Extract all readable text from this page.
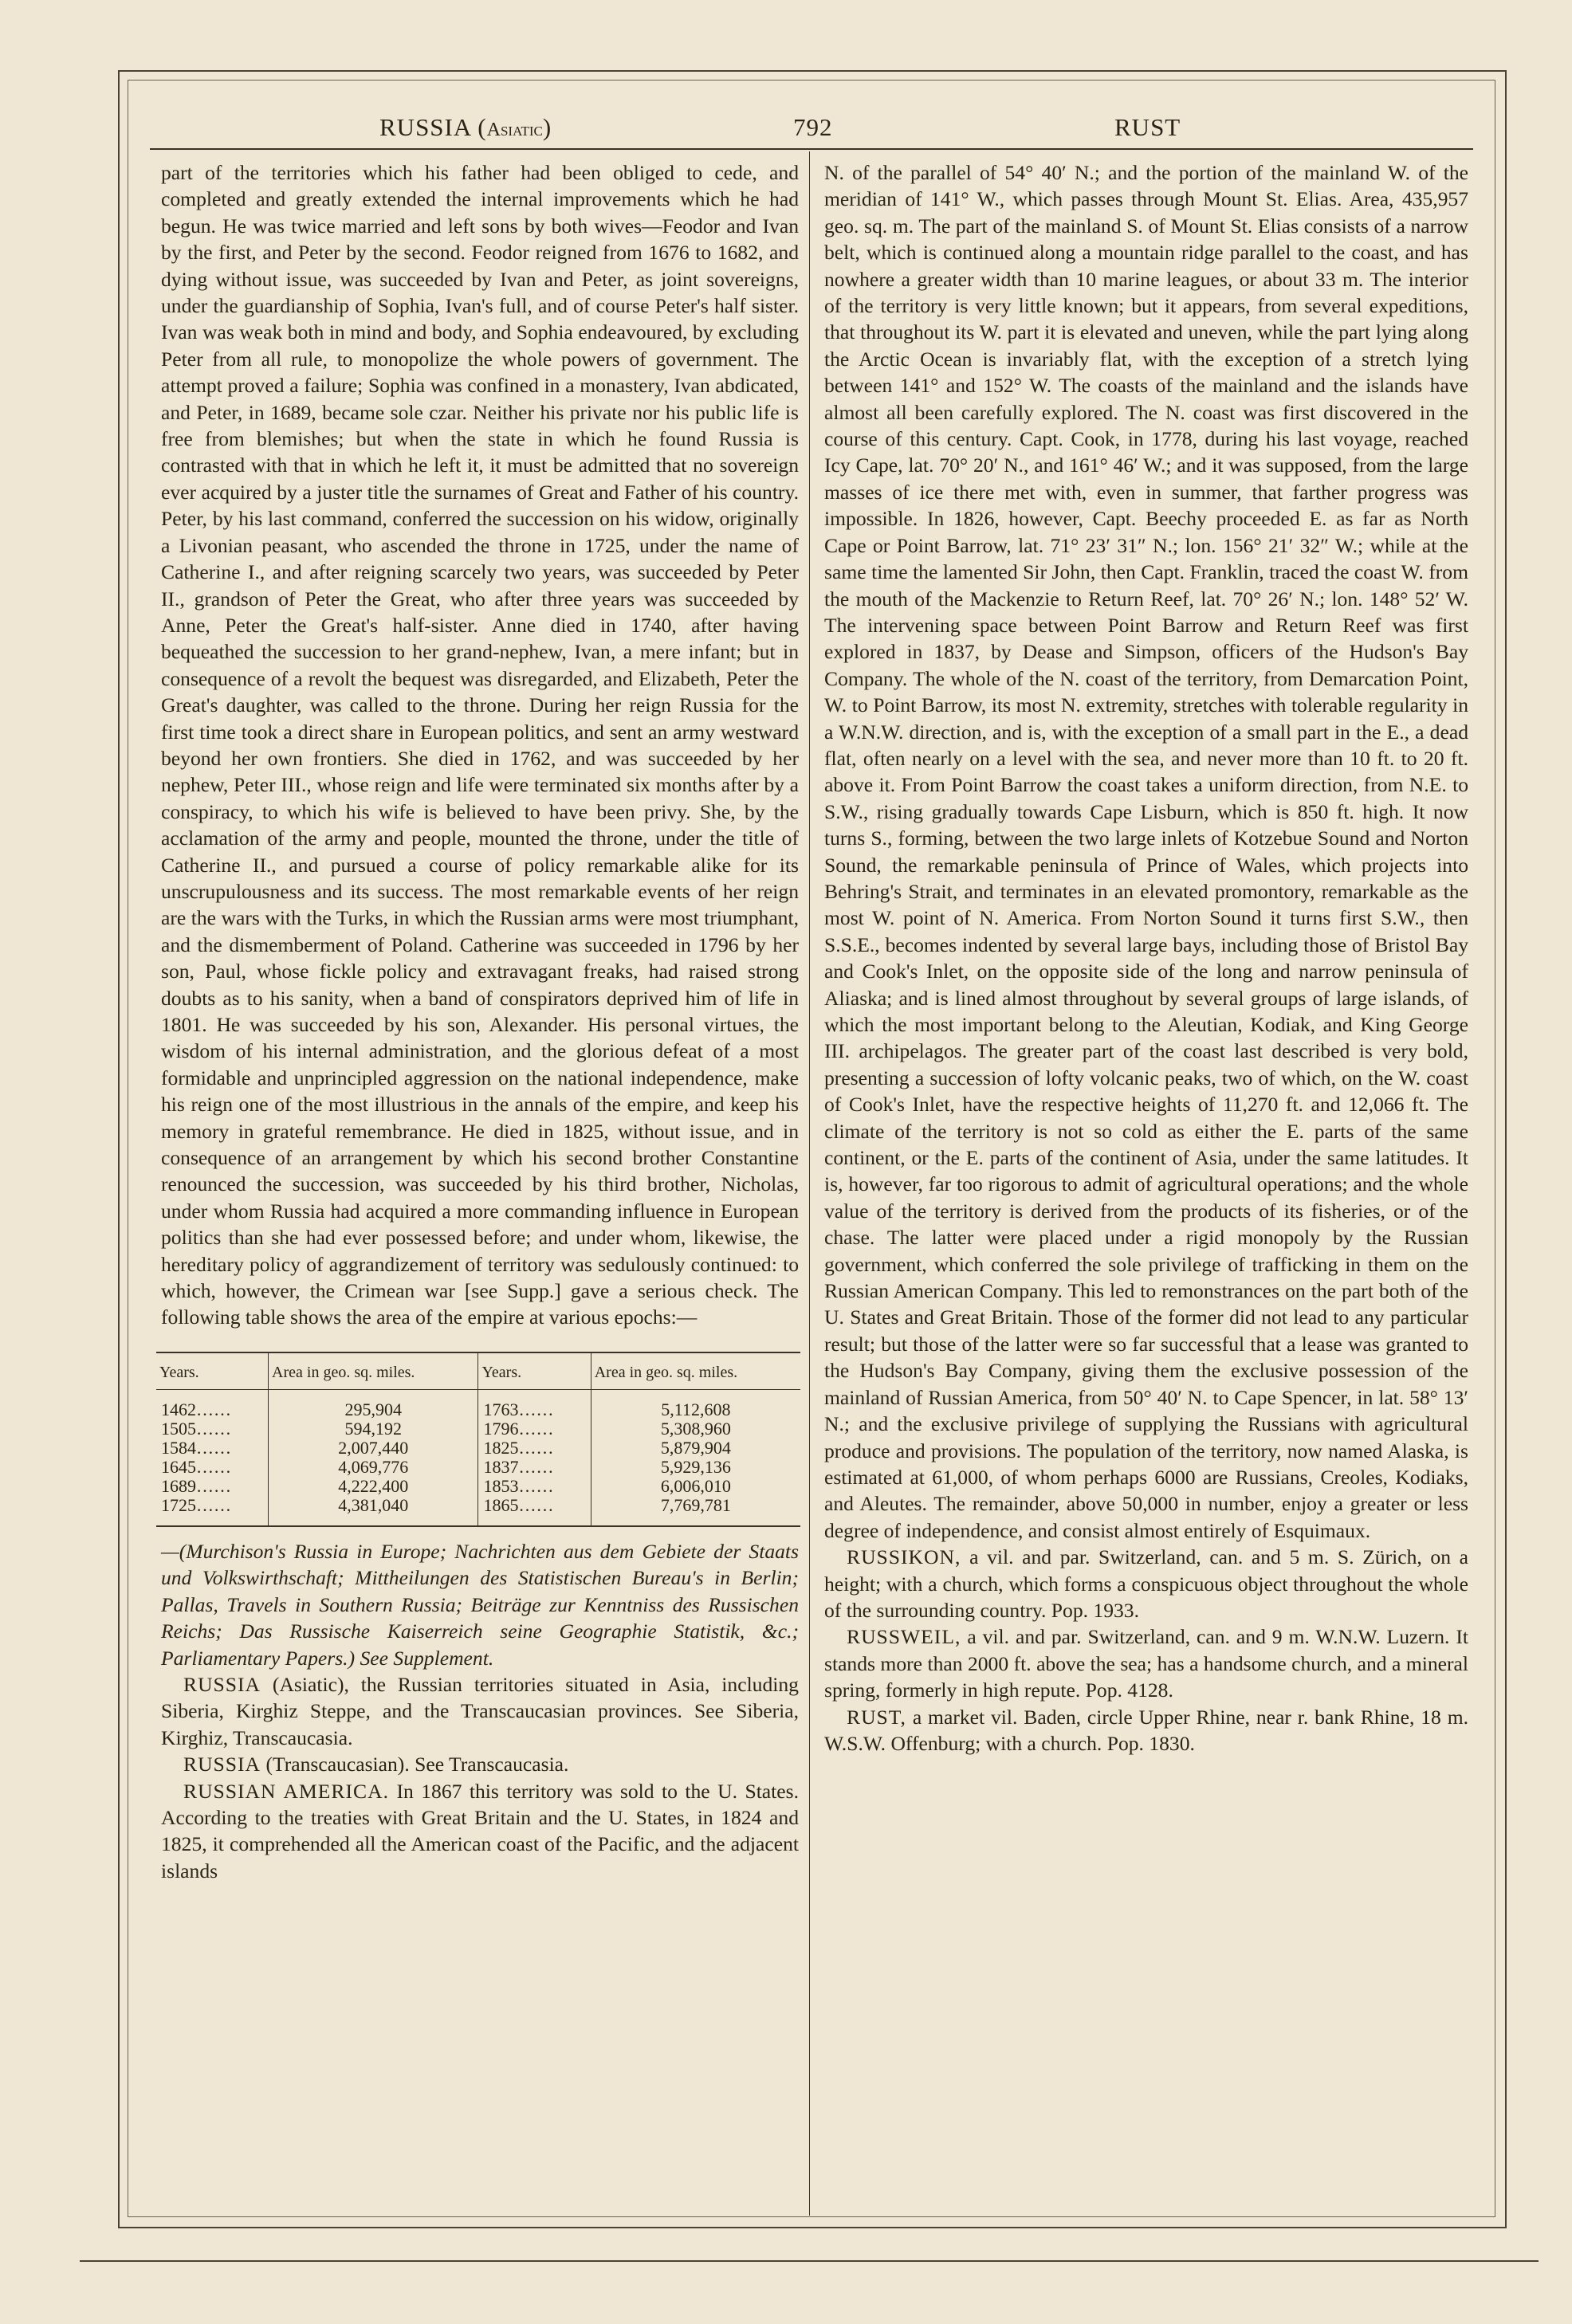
RUSSIA (Asiatic)	792	RUST

part of the territories which his father had been obliged to cede, and completed and greatly extended the internal improvements which he had begun. He was twice married and left sons by both wives—Feodor and Ivan by the first, and Peter by the second. Feodor reigned from 1676 to 1682, and dying without issue, was succeeded by Ivan and Peter, as joint sovereigns, under the guardianship of Sophia, Ivan's full, and of course Peter's half sister. Ivan was weak both in mind and body, and Sophia endeavoured, by excluding Peter from all rule, to monopolize the whole powers of government. The attempt proved a failure; Sophia was confined in a monastery, Ivan abdicated, and Peter, in 1689, became sole czar. Neither his private nor his public life is free from blemishes; but when the state in which he found Russia is contrasted with that in which he left it, it must be admitted that no sovereign ever acquired by a juster title the surnames of Great and Father of his country. Peter, by his last command, conferred the succession on his widow, originally a Livonian peasant, who ascended the throne in 1725, under the name of Catherine I., and after reigning scarcely two years, was succeeded by Peter II., grandson of Peter the Great, who after three years was succeeded by Anne, Peter the Great's half-sister. Anne died in 1740, after having bequeathed the succession to her grand-nephew, Ivan, a mere infant; but in consequence of a revolt the bequest was disregarded, and Elizabeth, Peter the Great's daughter, was called to the throne. During her reign Russia for the first time took a direct share in European politics, and sent an army westward beyond her own frontiers. She died in 1762, and was succeeded by her nephew, Peter III., whose reign and life were terminated six months after by a conspiracy, to which his wife is believed to have been privy. She, by the acclamation of the army and people, mounted the throne, under the title of Catherine II., and pursued a course of policy remarkable alike for its unscrupulousness and its success. The most remarkable events of her reign are the wars with the Turks, in which the Russian arms were most triumphant, and the dismemberment of Poland. Catherine was succeeded in 1796 by her son, Paul, whose fickle policy and extravagant freaks, had raised strong doubts as to his sanity, when a band of conspirators deprived him of life in 1801. He was succeeded by his son, Alexander. His personal virtues, the wisdom of his internal administration, and the glorious defeat of a most formidable and unprincipled aggression on the national independence, make his reign one of the most illustrious in the annals of the empire, and keep his memory in grateful remembrance. He died in 1825, without issue, and in consequence of an arrangement by which his second brother Constantine renounced the succession, was succeeded by his third brother, Nicholas, under whom Russia had acquired a more commanding influence in European politics than she had ever possessed before; and under whom, likewise, the hereditary policy of aggrandizement of territory was sedulously continued: to which, however, the Crimean war [see Supp.] gave a serious check. The following table shows the area of the empire at various epochs:—

Years.	Area in geo. sq. miles.	Years.	Area in geo. sq. miles.
1462……	295,904	1763……	5,112,608
1505……	594,192	1796……	5,308,960
1584……	2,007,440	1825……	5,879,904
1645……	4,069,776	1837……	5,929,136
1689……	4,222,400	1853……	6,006,010
1725……	4,381,040	1865……	7,769,781

—(Murchison's Russia in Europe; Nachrichten aus dem Gebiete der Staats und Volkswirthschaft; Mittheilungen des Statistischen Bureau's in Berlin; Pallas, Travels in Southern Russia; Beiträge zur Kenntniss des Russischen Reichs; Das Russische Kaiserreich seine Geographie Statistik, &c.; Parliamentary Papers.) See Supplement.

RUSSIA (Asiatic), the Russian territories situated in Asia, including Siberia, Kirghiz Steppe, and the Transcaucasian provinces. See Siberia, Kirghiz, Transcaucasia.

RUSSIA (Transcaucasian). See Transcaucasia.

RUSSIAN AMERICA. In 1867 this territory was sold to the U. States. According to the treaties with Great Britain and the U. States, in 1824 and 1825, it comprehended all the American coast of the Pacific, and the adjacent islands

N. of the parallel of 54° 40′ N.; and the portion of the mainland W. of the meridian of 141° W., which passes through Mount St. Elias. Area, 435,957 geo. sq. m. The part of the mainland S. of Mount St. Elias consists of a narrow belt, which is continued along a mountain ridge parallel to the coast, and has nowhere a greater width than 10 marine leagues, or about 33 m. The interior of the territory is very little known; but it appears, from several expeditions, that throughout its W. part it is elevated and uneven, while the part lying along the Arctic Ocean is invariably flat, with the exception of a stretch lying between 141° and 152° W. The coasts of the mainland and the islands have almost all been carefully explored. The N. coast was first discovered in the course of this century. Capt. Cook, in 1778, during his last voyage, reached Icy Cape, lat. 70° 20′ N., and 161° 46′ W.; and it was supposed, from the large masses of ice there met with, even in summer, that farther progress was impossible. In 1826, however, Capt. Beechy proceeded E. as far as North Cape or Point Barrow, lat. 71° 23′ 31″ N.; lon. 156° 21′ 32″ W.; while at the same time the lamented Sir John, then Capt. Franklin, traced the coast W. from the mouth of the Mackenzie to Return Reef, lat. 70° 26′ N.; lon. 148° 52′ W. The intervening space between Point Barrow and Return Reef was first explored in 1837, by Dease and Simpson, officers of the Hudson's Bay Company. The whole of the N. coast of the territory, from Demarcation Point, W. to Point Barrow, its most N. extremity, stretches with tolerable regularity in a W.N.W. direction, and is, with the exception of a small part in the E., a dead flat, often nearly on a level with the sea, and never more than 10 ft. to 20 ft. above it. From Point Barrow the coast takes a uniform direction, from N.E. to S.W., rising gradually towards Cape Lisburn, which is 850 ft. high. It now turns S., forming, between the two large inlets of Kotzebue Sound and Norton Sound, the remarkable peninsula of Prince of Wales, which projects into Behring's Strait, and terminates in an elevated promontory, remarkable as the most W. point of N. America. From Norton Sound it turns first S.W., then S.S.E., becomes indented by several large bays, including those of Bristol Bay and Cook's Inlet, on the opposite side of the long and narrow peninsula of Aliaska; and is lined almost throughout by several groups of large islands, of which the most important belong to the Aleutian, Kodiak, and King George III. archipelagos. The greater part of the coast last described is very bold, presenting a succession of lofty volcanic peaks, two of which, on the W. coast of Cook's Inlet, have the respective heights of 11,270 ft. and 12,066 ft. The climate of the territory is not so cold as either the E. parts of the same continent, or the E. parts of the continent of Asia, under the same latitudes. It is, however, far too rigorous to admit of agricultural operations; and the whole value of the territory is derived from the products of its fisheries, or of the chase. The latter were placed under a rigid monopoly by the Russian government, which conferred the sole privilege of trafficking in them on the Russian American Company. This led to remonstrances on the part both of the U. States and Great Britain. Those of the former did not lead to any particular result; but those of the latter were so far successful that a lease was granted to the Hudson's Bay Company, giving them the exclusive possession of the mainland of Russian America, from 50° 40′ N. to Cape Spencer, in lat. 58° 13′ N.; and the exclusive privilege of supplying the Russians with agricultural produce and provisions. The population of the territory, now named Alaska, is estimated at 61,000, of whom perhaps 6000 are Russians, Creoles, Kodiaks, and Aleutes. The remainder, above 50,000 in number, enjoy a greater or less degree of independence, and consist almost entirely of Esquimaux.

RUSSIKON, a vil. and par. Switzerland, can. and 5 m. S. Zürich, on a height; with a church, which forms a conspicuous object throughout the whole of the surrounding country. Pop. 1933.

RUSSWEIL, a vil. and par. Switzerland, can. and 9 m. W.N.W. Luzern. It stands more than 2000 ft. above the sea; has a handsome church, and a mineral spring, formerly in high repute. Pop. 4128.

RUST, a market vil. Baden, circle Upper Rhine, near r. bank Rhine, 18 m. W.S.W. Offenburg; with a church. Pop. 1830.
